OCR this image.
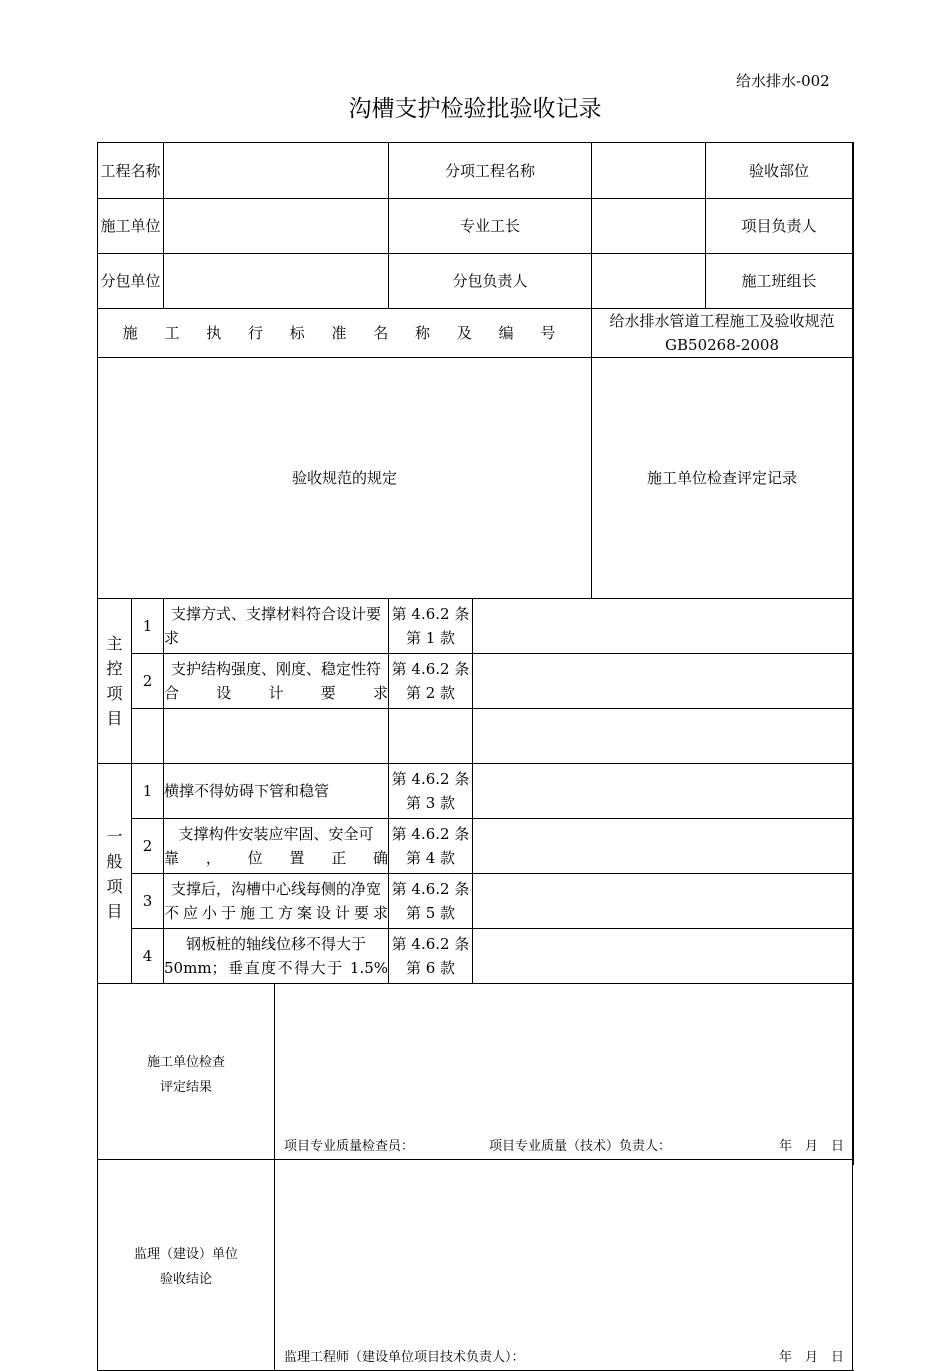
给水排水-002
沟槽支护检验批验收记录
工程名称			分项工程名称			验收部位	
施工单位			专业工长			项目负责人	
分包单位			分包负责人			施工班组长	
施 工 执 行 标 准 名 称 及 编 号					给水排水管道工程施工及验收规范 GB50268-2008		
验收规范的规定					施工单位检查评定记录	

主控项目	1	支撑方式、支撑材料符合设计要求	第 4.6.2 条
第 1 款				

	2	支护结构强度、刚度、稳定性符合设计要求	第 4.6.2 条
第 2 款				

一般项目	1	横撑不得妨碍下管和稳管	第 4.6.2 条
第 3 款				

	2	支撑构件安装应牢固、安全可靠，位置正确	第 4.6.2 条
第 4 款				

	3	支撑后，沟槽中心线每侧的净宽不应小于施工方案设计要求	第 4.6.2 条
第 5 款				

	4	钢板桩的轴线位移不得大于 50mm；垂直度不得大于 1.5%	第 4.6.2 条
第 6 款				

施工单位检查
评定结果
项目专业质量检查员： 项目专业质量（技术）负责人： 年　月　日							

监理（建设）单位
验收结论
监理工程师（建设单位项目技术负责人）： 年　月　日							
